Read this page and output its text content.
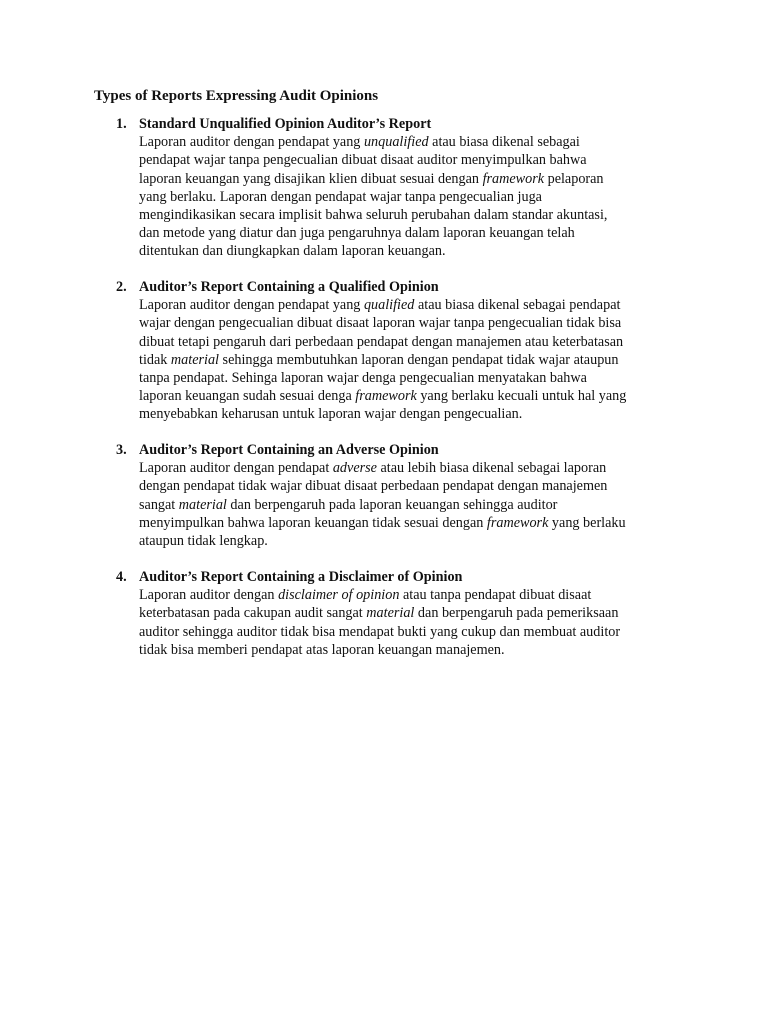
Types of Reports Expressing Audit Opinions
1. Standard Unqualified Opinion Auditor’s Report
Laporan auditor dengan pendapat yang unqualified atau biasa dikenal sebagai
pendapat wajar tanpa pengecualian dibuat disaat auditor menyimpulkan bahwa
laporan keuangan yang disajikan klien dibuat sesuai dengan framework pelaporan
yang berlaku. Laporan dengan pendapat wajar tanpa pengecualian juga
mengindikasikan secara implisit bahwa seluruh perubahan dalam standar akuntasi,
dan metode yang diatur dan juga pengaruhnya dalam laporan keuangan telah
ditentukan dan diungkapkan dalam laporan keuangan.
2. Auditor’s Report Containing a Qualified Opinion
Laporan auditor dengan pendapat yang qualified atau biasa dikenal sebagai pendapat
wajar dengan pengecualian dibuat disaat laporan wajar tanpa pengecualian tidak bisa
dibuat tetapi pengaruh dari perbedaan pendapat dengan manajemen atau keterbatasan
tidak material sehingga membutuhkan laporan dengan pendapat tidak wajar ataupun
tanpa pendapat. Sehinga laporan wajar denga pengecualian menyatakan bahwa
laporan keuangan sudah sesuai denga framework yang berlaku kecuali untuk hal yang
menyebabkan keharusan untuk laporan wajar dengan pengecualian.
3. Auditor’s Report Containing an Adverse Opinion
Laporan auditor dengan pendapat adverse atau lebih biasa dikenal sebagai laporan
dengan pendapat tidak wajar dibuat disaat perbedaan pendapat dengan manajemen
sangat material dan berpengaruh pada laporan keuangan sehingga auditor
menyimpulkan bahwa laporan keuangan tidak sesuai dengan framework yang berlaku
ataupun tidak lengkap.
4. Auditor’s Report Containing a Disclaimer of Opinion
Laporan auditor dengan disclaimer of opinion atau tanpa pendapat dibuat disaat
keterbatasan pada cakupan audit sangat material dan berpengaruh pada pemeriksaan
auditor sehingga auditor tidak bisa mendapat bukti yang cukup dan membuat auditor
tidak bisa memberi pendapat atas laporan keuangan manajemen.
